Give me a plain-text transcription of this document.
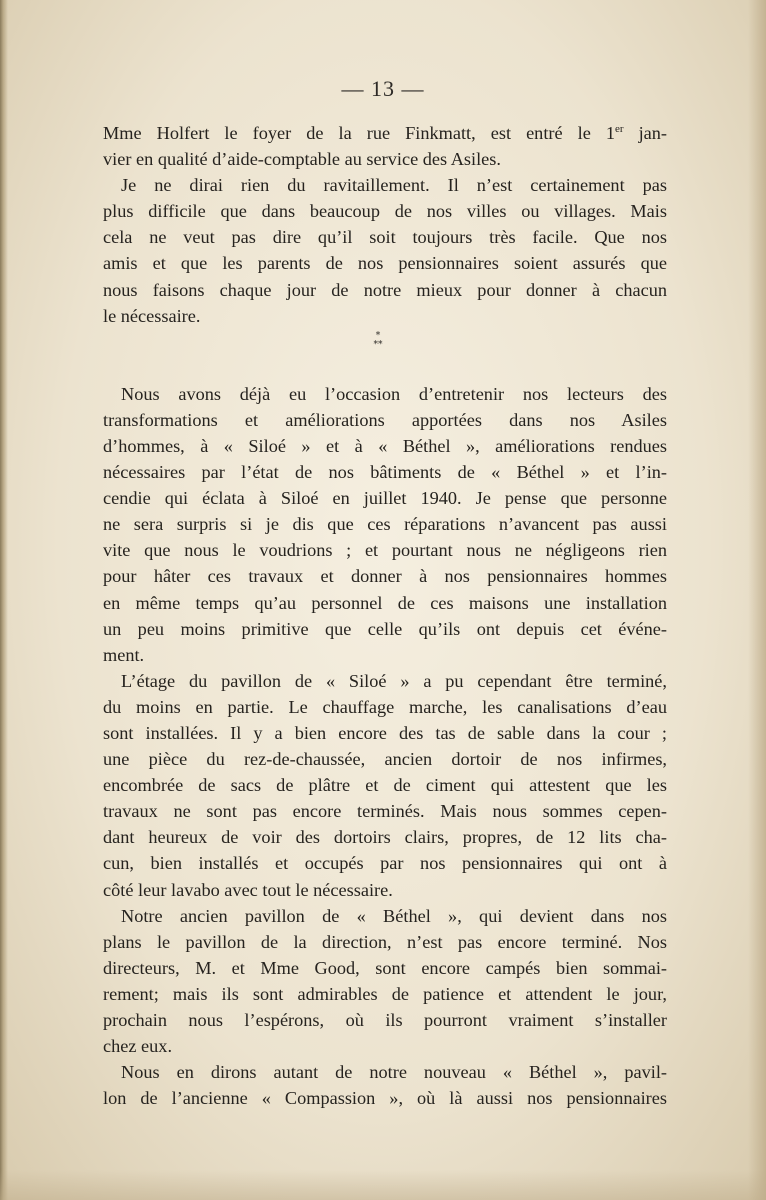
— 13 —
Mme Holfert le foyer de la rue Finkmatt, est entré le 1er jan-
vier en qualité d’aide-comptable au service des Asiles.
Je ne dirai rien du ravitaillement. Il n’est certainement pas
plus difficile que dans beaucoup de nos villes ou villages. Mais
cela ne veut pas dire qu’il soit toujours très facile. Que nos
amis et que les parents de nos pensionnaires soient assurés que
nous faisons chaque jour de notre mieux pour donner à chacun
le nécessaire.
Nous avons déjà eu l’occasion d’entretenir nos lecteurs des
transformations et améliorations apportées dans nos Asiles
d’hommes, à « Siloé » et à « Béthel », améliorations rendues
nécessaires par l’état de nos bâtiments de « Béthel » et l’in-
cendie qui éclata à Siloé en juillet 1940. Je pense que personne
ne sera surpris si je dis que ces réparations n’avancent pas aussi
vite que nous le voudrions ; et pourtant nous ne négligeons rien
pour hâter ces travaux et donner à nos pensionnaires hommes
en même temps qu’au personnel de ces maisons une installation
un peu moins primitive que celle qu’ils ont depuis cet événe-
ment.
L’étage du pavillon de « Siloé » a pu cependant être terminé,
du moins en partie. Le chauffage marche, les canalisations d’eau
sont installées. Il y a bien encore des tas de sable dans la cour ;
une pièce du rez-de-chaussée, ancien dortoir de nos infirmes,
encombrée de sacs de plâtre et de ciment qui attestent que les
travaux ne sont pas encore terminés. Mais nous sommes cepen-
dant heureux de voir des dortoirs clairs, propres, de 12 lits cha-
cun, bien installés et occupés par nos pensionnaires qui ont à
côté leur lavabo avec tout le nécessaire.
Notre ancien pavillon de « Béthel », qui devient dans nos
plans le pavillon de la direction, n’est pas encore terminé. Nos
directeurs, M. et Mme Good, sont encore campés bien sommai-
rement; mais ils sont admirables de patience et attendent le jour,
prochain nous l’espérons, où ils pourront vraiment s’installer
chez eux.
Nous en dirons autant de notre nouveau « Béthel », pavil-
lon de l’ancienne « Compassion », où là aussi nos pensionnaires
*
**
